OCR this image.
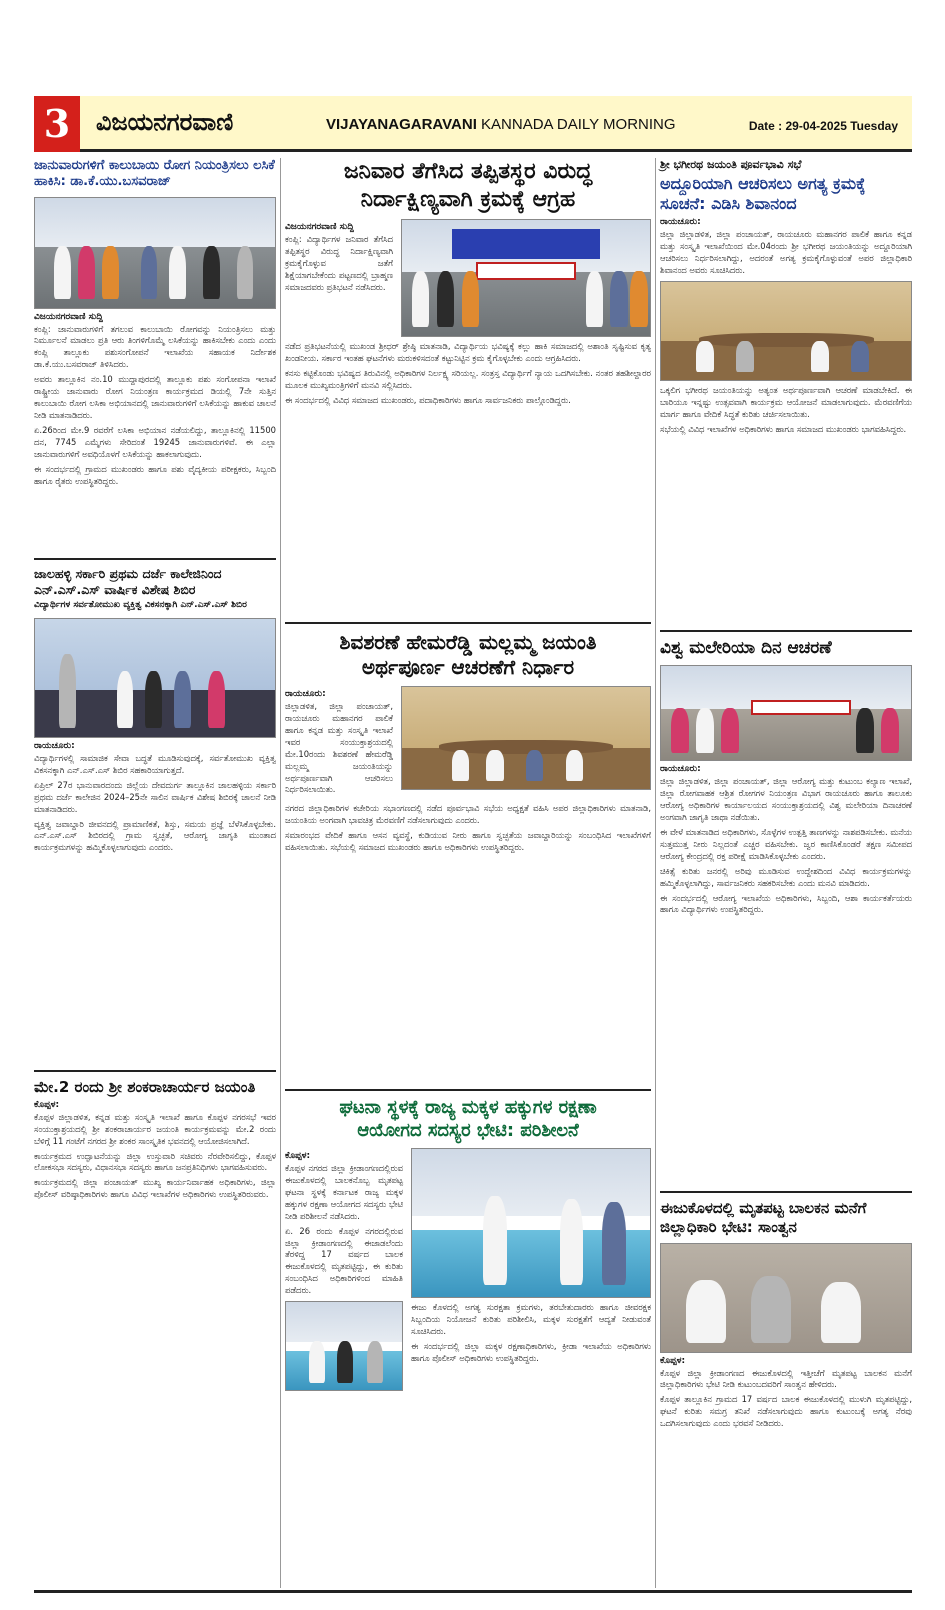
3	ವಿಜಯನಗರವಾಣಿ	VIJAYANAGARAVANI KANNADA DAILY MORNING	Date : 29-04-2025 Tuesday
ಜಾನುವಾರುಗಳಿಗೆ ಕಾಲುಬಾಯಿ ರೋಗ ನಿಯಂತ್ರಿಸಲು ಲಸಿಕೆ ಹಾಕಿಸಿ: ಡಾ.ಕೆ.ಯು.ಬಸವರಾಜ್
ವಿಜಯನಗರವಾಣಿ ಸುದ್ದಿ

ಕಂಪ್ಲಿ: ಜಾನುವಾರುಗಳಿಗೆ ತಗಲುವ ಕಾಲುಬಾಯಿ ರೋಗವನ್ನು ನಿಯಂತ್ರಿಸಲು ಮತ್ತು ನಿರ್ಮೂಲನೆ ಮಾಡಲು ಪ್ರತಿ ಆರು ತಿಂಗಳಿಗೊಮ್ಮೆ ಲಸಿಕೆಯನ್ನು ಹಾಕಿಸಬೇಕು ಎಂದು ಎಂದು ಕಂಪ್ಲಿ ತಾಲ್ಲೂಕು ಪಶುಸಂಗೋಪನೆ ಇಲಾಖೆಯ ಸಹಾಯಕ ನಿರ್ದೇಶಕ ಡಾ.ಕೆ.ಯು.ಬಸವರಾಜ್ ತಿಳಿಸಿದರು.

ಅವರು ತಾಲ್ಲೂಕಿನ ನಂ.10 ಮುದ್ದಾಪುರದಲ್ಲಿ ತಾಲ್ಲೂಕು ಪಶು ಸಂಗೋಪನಾ ಇಲಾಖೆ ರಾಷ್ಟ್ರೀಯ ಜಾನುವಾರು ರೋಗ ನಿಯಂತ್ರಣ ಕಾರ್ಯಕ್ರಮದ ಡಿಯಲ್ಲಿ 7ನೇ ಸುತ್ತಿನ ಕಾಲುಬಾಯಿ ರೋಗ ಲಸಿಕಾ ಅಭಿಯಾನದಲ್ಲಿ ಜಾನುವಾರುಗಳಿಗೆ ಲಸಿಕೆಯನ್ನು ಹಾಕುವ ಚಾಲನೆ ನೀಡಿ ಮಾತನಾಡಿದರು.

ಏ.26ರಿಂದ ಮೇ.9 ರವರೆಗೆ ಲಸಿಕಾ ಅಭಿಯಾನ ನಡೆಯಲಿದ್ದು, ತಾಲ್ಲೂಕಿನಲ್ಲಿ 11500 ದನ, 7745 ಎಮ್ಮೆಗಳು ಸೇರಿದಂತೆ 19245 ಜಾನುವಾರುಗಳಿವೆ. ಈ ಎಲ್ಲಾ ಜಾನುವಾರುಗಳಿಗೆ ಅವಧಿಯೊಳಗೆ ಲಸಿಕೆಯನ್ನು ಹಾಕಲಾಗುವುದು.

ಈ ಸಂದರ್ಭದಲ್ಲಿ ಗ್ರಾಮದ ಮುಖಂಡರು ಹಾಗೂ ಪಶು ವೈದ್ಯಕೀಯ ಪರೀಕ್ಷಕರು, ಸಿಬ್ಬಂದಿ ಹಾಗೂ ರೈತರು ಉಪಸ್ಥಿತರಿದ್ದರು.

ಜಾಲಹಳ್ಳಿ ಸರ್ಕಾರಿ ಪ್ರಥಮ ದರ್ಜೆ ಕಾಲೇಜಿನಿಂದ ಎನ್.ಎಸ್.ಎಸ್ ವಾರ್ಷಿಕ ವಿಶೇಷ ಶಿಬಿರ
ವಿದ್ಯಾರ್ಥಿಗಳ ಸರ್ವತೋಮುಖ ವ್ಯಕ್ತಿತ್ವ ವಿಕಸನಕ್ಕಾಗಿ ಎನ್.ಎಸ್.ಎಸ್ ಶಿಬಿರ
ರಾಯಚೂರು:

ವಿದ್ಯಾರ್ಥಿಗಳಲ್ಲಿ ಸಾಮಾಜಿಕ ಸೇವಾ ಬದ್ಧತೆ ಮೂಡಿಸುವುದಕ್ಕೆ, ಸರ್ವತೋಮುಖ ವ್ಯಕ್ತಿತ್ವ ವಿಕಸನಕ್ಕಾಗಿ ಎನ್.ಎಸ್.ಎಸ್ ಶಿಬಿರ ಸಹಕಾರಿಯಾಗುತ್ತದೆ.

ಏಪ್ರಿಲ್ 27ರ ಭಾನುವಾರದಂದು ಜಿಲ್ಲೆಯ ದೇವದುರ್ಗ ತಾಲ್ಲೂಕಿನ ಜಾಲಹಳ್ಳಿಯ ಸರ್ಕಾರಿ ಪ್ರಥಮ ದರ್ಜೆ ಕಾಲೇಜಿನ 2024–25ನೇ ಸಾಲಿನ ವಾರ್ಷಿಕ ವಿಶೇಷ ಶಿಬಿರಕ್ಕೆ ಚಾಲನೆ ನೀಡಿ ಮಾತನಾಡಿದರು.

ವ್ಯಕ್ತಿತ್ವ ಜವಾಬ್ದಾರಿ ಜೀವನದಲ್ಲಿ ಪ್ರಾಮಾಣಿಕತೆ, ಶಿಸ್ತು, ಸಮಯ ಪ್ರಜ್ಞೆ ಬೆಳೆಸಿಕೊಳ್ಳಬೇಕು. ಎನ್.ಎಸ್.ಎಸ್ ಶಿಬಿರದಲ್ಲಿ ಗ್ರಾಮ ಸ್ವಚ್ಛತೆ, ಆರೋಗ್ಯ ಜಾಗೃತಿ ಮುಂತಾದ ಕಾರ್ಯಕ್ರಮಗಳನ್ನು ಹಮ್ಮಿಕೊಳ್ಳಲಾಗುವುದು ಎಂದರು.

ಮೇ.2 ರಂದು ಶ್ರೀ ಶಂಕರಾಚಾರ್ಯರ ಜಯಂತಿ
ಕೊಪ್ಪಳ:

ಕೊಪ್ಪಳ ಜಿಲ್ಲಾಡಳಿತ, ಕನ್ನಡ ಮತ್ತು ಸಂಸ್ಕೃತಿ ಇಲಾಖೆ ಹಾಗೂ ಕೊಪ್ಪಳ ನಗರಸಭೆ ಇವರ ಸಂಯುಕ್ತಾಶ್ರಯದಲ್ಲಿ ಶ್ರೀ ಶಂಕರಾಚಾರ್ಯರ ಜಯಂತಿ ಕಾರ್ಯಕ್ರಮವನ್ನು ಮೇ.2 ರಂದು ಬೆಳಿಗ್ಗೆ 11 ಗಂಟೆಗೆ ನಗರದ ಶ್ರೀ ಶಂಕರ ಸಾಂಸ್ಕೃತಿಕ ಭವನದಲ್ಲಿ ಆಯೋಜಿಸಲಾಗಿದೆ.

ಕಾರ್ಯಕ್ರಮದ ಉದ್ಘಾಟನೆಯನ್ನು ಜಿಲ್ಲಾ ಉಸ್ತುವಾರಿ ಸಚಿವರು ನೆರವೇರಿಸಲಿದ್ದು, ಕೊಪ್ಪಳ ಲೋಕಸಭಾ ಸದಸ್ಯರು, ವಿಧಾನಸಭಾ ಸದಸ್ಯರು ಹಾಗೂ ಜನಪ್ರತಿನಿಧಿಗಳು ಭಾಗವಹಿಸುವರು.

ಕಾರ್ಯಕ್ರಮದಲ್ಲಿ ಜಿಲ್ಲಾ ಪಂಚಾಯತ್ ಮುಖ್ಯ ಕಾರ್ಯನಿರ್ವಾಹಕ ಅಧಿಕಾರಿಗಳು, ಜಿಲ್ಲಾ ಪೊಲೀಸ್ ವರಿಷ್ಠಾಧಿಕಾರಿಗಳು ಹಾಗೂ ವಿವಿಧ ಇಲಾಖೆಗಳ ಅಧಿಕಾರಿಗಳು ಉಪಸ್ಥಿತರಿರುವರು.

ಜನಿವಾರ ತೆಗೆಸಿದ ತಪ್ಪಿತಸ್ಥರ ವಿರುದ್ಧ
ನಿರ್ದಾಕ್ಷಿಣ್ಯವಾಗಿ ಕ್ರಮಕ್ಕೆ ಆಗ್ರಹ
ವಿಜಯನಗರವಾಣಿ ಸುದ್ದಿ

ಕಂಪ್ಲಿ: ವಿದ್ಯಾರ್ಥಿಗಳ ಜನಿವಾರ ತೆಗೆಸಿದ ತಪ್ಪಿತಸ್ಥರ ವಿರುದ್ಧ ನಿರ್ದಾಕ್ಷಿಣ್ಯವಾಗಿ ಕ್ರಮಕೈಗೊಳ್ಳುವ ಜತೆಗೆ ಶಿಕ್ಷೆಯಾಗಬೇಕೆಂದು ಪಟ್ಟಣದಲ್ಲಿ ಬ್ರಾಹ್ಮಣ ಸಮಾಜದವರು ಪ್ರತಿಭಟನೆ ನಡೆಸಿದರು.

ನಡೆದ ಪ್ರತಿಭಟನೆಯಲ್ಲಿ ಮುಖಂಡ ಶ್ರೀಧರ್ ಶ್ರೇಷ್ಠಿ ಮಾತನಾಡಿ, ವಿದ್ಯಾರ್ಥಿಯ ಭವಿಷ್ಯಕ್ಕೆ ಕಲ್ಲು ಹಾಕಿ ಸಮಾಜದಲ್ಲಿ ಅಶಾಂತಿ ಸೃಷ್ಟಿಸುವ ಕೃತ್ಯ ಖಂಡನೀಯ. ಸರ್ಕಾರ ಇಂತಹ ಘಟನೆಗಳು ಮರುಕಳಿಸದಂತೆ ಕಟ್ಟುನಿಟ್ಟಿನ ಕ್ರಮ ಕೈಗೊಳ್ಳಬೇಕು ಎಂದು ಆಗ್ರಹಿಸಿದರು.

ಕನಸು ಕಟ್ಟಿಕೊಂಡು ಭವಿಷ್ಯದ ತಿರುವಿನಲ್ಲಿ ಅಧಿಕಾರಿಗಳ ನಿರ್ಲಕ್ಷ್ಯ ಸರಿಯಲ್ಲ. ಸಂತ್ರಸ್ತ ವಿದ್ಯಾರ್ಥಿಗೆ ನ್ಯಾಯ ಒದಗಿಸಬೇಕು. ನಂತರ ತಹಶೀಲ್ದಾರರ ಮೂಲಕ ಮುಖ್ಯಮಂತ್ರಿಗಳಿಗೆ ಮನವಿ ಸಲ್ಲಿಸಿದರು.

ಈ ಸಂದರ್ಭದಲ್ಲಿ ವಿವಿಧ ಸಮಾಜದ ಮುಖಂಡರು, ಪದಾಧಿಕಾರಿಗಳು ಹಾಗೂ ಸಾರ್ವಜನಿಕರು ಪಾಲ್ಗೊಂಡಿದ್ದರು.

ಶಿವಶರಣೆ ಹೇಮರೆಡ್ಡಿ ಮಲ್ಲಮ್ಮ ಜಯಂತಿ
ಅರ್ಥಪೂರ್ಣ ಆಚರಣೆಗೆ ನಿರ್ಧಾರ
ರಾಯಚೂರು:

ಜಿಲ್ಲಾಡಳಿತ, ಜಿಲ್ಲಾ ಪಂಚಾಯತ್, ರಾಯಚೂರು ಮಹಾನಗರ ಪಾಲಿಕೆ ಹಾಗೂ ಕನ್ನಡ ಮತ್ತು ಸಂಸ್ಕೃತಿ ಇಲಾಖೆ ಇವರ ಸಂಯುಕ್ತಾಶ್ರಯದಲ್ಲಿ ಮೇ.10ರಂದು ಶಿವಶರಣೆ ಹೇಮರೆಡ್ಡಿ ಮಲ್ಲಮ್ಮ ಜಯಂತಿಯನ್ನು ಅರ್ಥಪೂರ್ಣವಾಗಿ ಆಚರಿಸಲು ನಿರ್ಧರಿಸಲಾಯಿತು.

ನಗರದ ಜಿಲ್ಲಾಧಿಕಾರಿಗಳ ಕಚೇರಿಯ ಸಭಾಂಗಣದಲ್ಲಿ ನಡೆದ ಪೂರ್ವಭಾವಿ ಸಭೆಯ ಅಧ್ಯಕ್ಷತೆ ವಹಿಸಿ ಅಪರ ಜಿಲ್ಲಾಧಿಕಾರಿಗಳು ಮಾತನಾಡಿ, ಜಯಂತಿಯ ಅಂಗವಾಗಿ ಭಾವಚಿತ್ರ ಮೆರವಣಿಗೆ ನಡೆಸಲಾಗುವುದು ಎಂದರು.

ಸಮಾರಂಭದ ವೇದಿಕೆ ಹಾಗೂ ಆಸನ ವ್ಯವಸ್ಥೆ, ಕುಡಿಯುವ ನೀರು ಹಾಗೂ ಸ್ವಚ್ಛತೆಯ ಜವಾಬ್ದಾರಿಯನ್ನು ಸಂಬಂಧಿಸಿದ ಇಲಾಖೆಗಳಿಗೆ ವಹಿಸಲಾಯಿತು. ಸಭೆಯಲ್ಲಿ ಸಮಾಜದ ಮುಖಂಡರು ಹಾಗೂ ಅಧಿಕಾರಿಗಳು ಉಪಸ್ಥಿತರಿದ್ದರು.

ಘಟನಾ ಸ್ಥಳಕ್ಕೆ ರಾಜ್ಯ ಮಕ್ಕಳ ಹಕ್ಕುಗಳ ರಕ್ಷಣಾ
ಆಯೋಗದ ಸದಸ್ಯರ ಭೇಟಿ: ಪರಿಶೀಲನೆ
ಕೊಪ್ಪಳ:

ಕೊಪ್ಪಳ ನಗರದ ಜಿಲ್ಲಾ ಕ್ರೀಡಾಂಗಣದಲ್ಲಿರುವ ಈಜುಕೊಳದಲ್ಲಿ ಬಾಲಕನೊಬ್ಬ ಮೃತಪಟ್ಟ ಘಟನಾ ಸ್ಥಳಕ್ಕೆ ಕರ್ನಾಟಕ ರಾಜ್ಯ ಮಕ್ಕಳ ಹಕ್ಕುಗಳ ರಕ್ಷಣಾ ಆಯೋಗದ ಸದಸ್ಯರು ಭೇಟಿ ನೀಡಿ ಪರಿಶೀಲನೆ ನಡೆಸಿದರು.

ಏ. 26 ರಂದು ಕೊಪ್ಪಳ ನಗರದಲ್ಲಿರುವ ಜಿಲ್ಲಾ ಕ್ರೀಡಾಂಗಣದಲ್ಲಿ ಈಜಾಡಲೆಂದು ತೆರಳಿದ್ದ 17 ವರ್ಷದ ಬಾಲಕ ಈಜುಕೊಳದಲ್ಲಿ ಮೃತಪಟ್ಟಿದ್ದು, ಈ ಕುರಿತು ಸಂಬಂಧಿಸಿದ ಅಧಿಕಾರಿಗಳಿಂದ ಮಾಹಿತಿ ಪಡೆದರು.

ಈಜು ಕೊಳದಲ್ಲಿ ಅಗತ್ಯ ಸುರಕ್ಷತಾ ಕ್ರಮಗಳು, ತರಬೇತುದಾರರು ಹಾಗೂ ಜೀವರಕ್ಷಕ ಸಿಬ್ಬಂದಿಯ ನಿಯೋಜನೆ ಕುರಿತು ಪರಿಶೀಲಿಸಿ, ಮಕ್ಕಳ ಸುರಕ್ಷತೆಗೆ ಆದ್ಯತೆ ನೀಡುವಂತೆ ಸೂಚಿಸಿದರು.

ಈ ಸಂದರ್ಭದಲ್ಲಿ ಜಿಲ್ಲಾ ಮಕ್ಕಳ ರಕ್ಷಣಾಧಿಕಾರಿಗಳು, ಕ್ರೀಡಾ ಇಲಾಖೆಯ ಅಧಿಕಾರಿಗಳು ಹಾಗೂ ಪೊಲೀಸ್ ಅಧಿಕಾರಿಗಳು ಉಪಸ್ಥಿತರಿದ್ದರು.

ಶ್ರೀ ಭಗೀರಥ ಜಯಂತಿ ಪೂರ್ವಭಾವಿ ಸಭೆ
ಅದ್ದೂರಿಯಾಗಿ ಆಚರಿಸಲು ಅಗತ್ಯ ಕ್ರಮಕ್ಕೆ ಸೂಚನೆ: ಎಡಿಸಿ ಶಿವಾನಂದ
ರಾಯಚೂರು:

ಜಿಲ್ಲಾ ಜಿಲ್ಲಾಡಳಿತ, ಜಿಲ್ಲಾ ಪಂಚಾಯತ್, ರಾಯಚೂರು ಮಹಾನಗರ ಪಾಲಿಕೆ ಹಾಗೂ ಕನ್ನಡ ಮತ್ತು ಸಂಸ್ಕೃತಿ ಇಲಾಖೆಯಿಂದ ಮೇ.04ರಂದು ಶ್ರೀ ಭಗೀರಥ ಜಯಂತಿಯನ್ನು ಅದ್ದೂರಿಯಾಗಿ ಆಚರಿಸಲು ನಿರ್ಧರಿಸಲಾಗಿದ್ದು, ಅದರಂತೆ ಅಗತ್ಯ ಕ್ರಮಕೈಗೊಳ್ಳುವಂತೆ ಅಪರ ಜಿಲ್ಲಾಧಿಕಾರಿ ಶಿವಾನಂದ ಅವರು ಸೂಚಿಸಿದರು.

ಒಕ್ಕಲಿಗ ಭಗೀರಥ ಜಯಂತಿಯನ್ನು ಅತ್ಯಂತ ಅರ್ಥಪೂರ್ಣವಾಗಿ ಆಚರಣೆ ಮಾಡಬೇಕಿದೆ. ಈ ಬಾರಿಯೂ ಇನ್ನಷ್ಟು ಉತ್ಸವವಾಗಿ ಕಾರ್ಯಕ್ರಮ ಆಯೋಜನೆ ಮಾಡಲಾಗುವುದು. ಮೆರವಣಿಗೆಯ ಮಾರ್ಗ ಹಾಗೂ ವೇದಿಕೆ ಸಿದ್ಧತೆ ಕುರಿತು ಚರ್ಚಿಸಲಾಯಿತು.

ಸಭೆಯಲ್ಲಿ ವಿವಿಧ ಇಲಾಖೆಗಳ ಅಧಿಕಾರಿಗಳು ಹಾಗೂ ಸಮಾಜದ ಮುಖಂಡರು ಭಾಗವಹಿಸಿದ್ದರು.

ವಿಶ್ವ ಮಲೇರಿಯಾ ದಿನ ಆಚರಣೆ
ರಾಯಚೂರು:

ಜಿಲ್ಲಾ ಜಿಲ್ಲಾಡಳಿತ, ಜಿಲ್ಲಾ ಪಂಚಾಯತ್, ಜಿಲ್ಲಾ ಆರೋಗ್ಯ ಮತ್ತು ಕುಟುಂಬ ಕಲ್ಯಾಣ ಇಲಾಖೆ, ಜಿಲ್ಲಾ ರೋಗವಾಹಕ ಆಶ್ರಿತ ರೋಗಗಳ ನಿಯಂತ್ರಣ ವಿಭಾಗ ರಾಯಚೂರು ಹಾಗೂ ತಾಲೂಕು ಆರೋಗ್ಯ ಅಧಿಕಾರಿಗಳ ಕಾರ್ಯಾಲಯದ ಸಂಯುಕ್ತಾಶ್ರಯದಲ್ಲಿ ವಿಶ್ವ ಮಲೇರಿಯಾ ದಿನಾಚರಣೆ ಅಂಗವಾಗಿ ಜಾಗೃತಿ ಜಾಥಾ ನಡೆಯಿತು.

ಈ ವೇಳೆ ಮಾತನಾಡಿದ ಅಧಿಕಾರಿಗಳು, ಸೊಳ್ಳೆಗಳ ಉತ್ಪತ್ತಿ ತಾಣಗಳನ್ನು ನಾಶಪಡಿಸಬೇಕು. ಮನೆಯ ಸುತ್ತಮುತ್ತ ನೀರು ನಿಲ್ಲದಂತೆ ಎಚ್ಚರ ವಹಿಸಬೇಕು. ಜ್ವರ ಕಾಣಿಸಿಕೊಂಡರೆ ತಕ್ಷಣ ಸಮೀಪದ ಆರೋಗ್ಯ ಕೇಂದ್ರದಲ್ಲಿ ರಕ್ತ ಪರೀಕ್ಷೆ ಮಾಡಿಸಿಕೊಳ್ಳಬೇಕು ಎಂದರು.

ಚಿಕಿತ್ಸೆ ಕುರಿತು ಜನರಲ್ಲಿ ಅರಿವು ಮೂಡಿಸುವ ಉದ್ದೇಶದಿಂದ ವಿವಿಧ ಕಾರ್ಯಕ್ರಮಗಳನ್ನು ಹಮ್ಮಿಕೊಳ್ಳಲಾಗಿದ್ದು, ಸಾರ್ವಜನಿಕರು ಸಹಕರಿಸಬೇಕು ಎಂದು ಮನವಿ ಮಾಡಿದರು.

ಈ ಸಂದರ್ಭದಲ್ಲಿ ಆರೋಗ್ಯ ಇಲಾಖೆಯ ಅಧಿಕಾರಿಗಳು, ಸಿಬ್ಬಂದಿ, ಆಶಾ ಕಾರ್ಯಕರ್ತೆಯರು ಹಾಗೂ ವಿದ್ಯಾರ್ಥಿಗಳು ಉಪಸ್ಥಿತರಿದ್ದರು.

ಈಜುಕೊಳದಲ್ಲಿ ಮೃತಪಟ್ಟ ಬಾಲಕನ ಮನೆಗೆ ಜಿಲ್ಲಾಧಿಕಾರಿ ಭೇಟಿ: ಸಾಂತ್ವನ
ಕೊಪ್ಪಳ:

ಕೊಪ್ಪಳ ಜಿಲ್ಲಾ ಕ್ರೀಡಾಂಗಣದ ಈಜುಕೊಳದಲ್ಲಿ ಇತ್ತೀಚೆಗೆ ಮೃತಪಟ್ಟ ಬಾಲಕನ ಮನೆಗೆ ಜಿಲ್ಲಾಧಿಕಾರಿಗಳು ಭೇಟಿ ನೀಡಿ ಕುಟುಂಬದವರಿಗೆ ಸಾಂತ್ವನ ಹೇಳಿದರು.

ಕೊಪ್ಪಳ ತಾಲ್ಲೂಕಿನ ಗ್ರಾಮದ 17 ವರ್ಷದ ಬಾಲಕ ಈಜುಕೊಳದಲ್ಲಿ ಮುಳುಗಿ ಮೃತಪಟ್ಟಿದ್ದು, ಘಟನೆ ಕುರಿತು ಸಮಗ್ರ ತನಿಖೆ ನಡೆಸಲಾಗುವುದು ಹಾಗೂ ಕುಟುಂಬಕ್ಕೆ ಅಗತ್ಯ ನೆರವು ಒದಗಿಸಲಾಗುವುದು ಎಂದು ಭರವಸೆ ನೀಡಿದರು.
